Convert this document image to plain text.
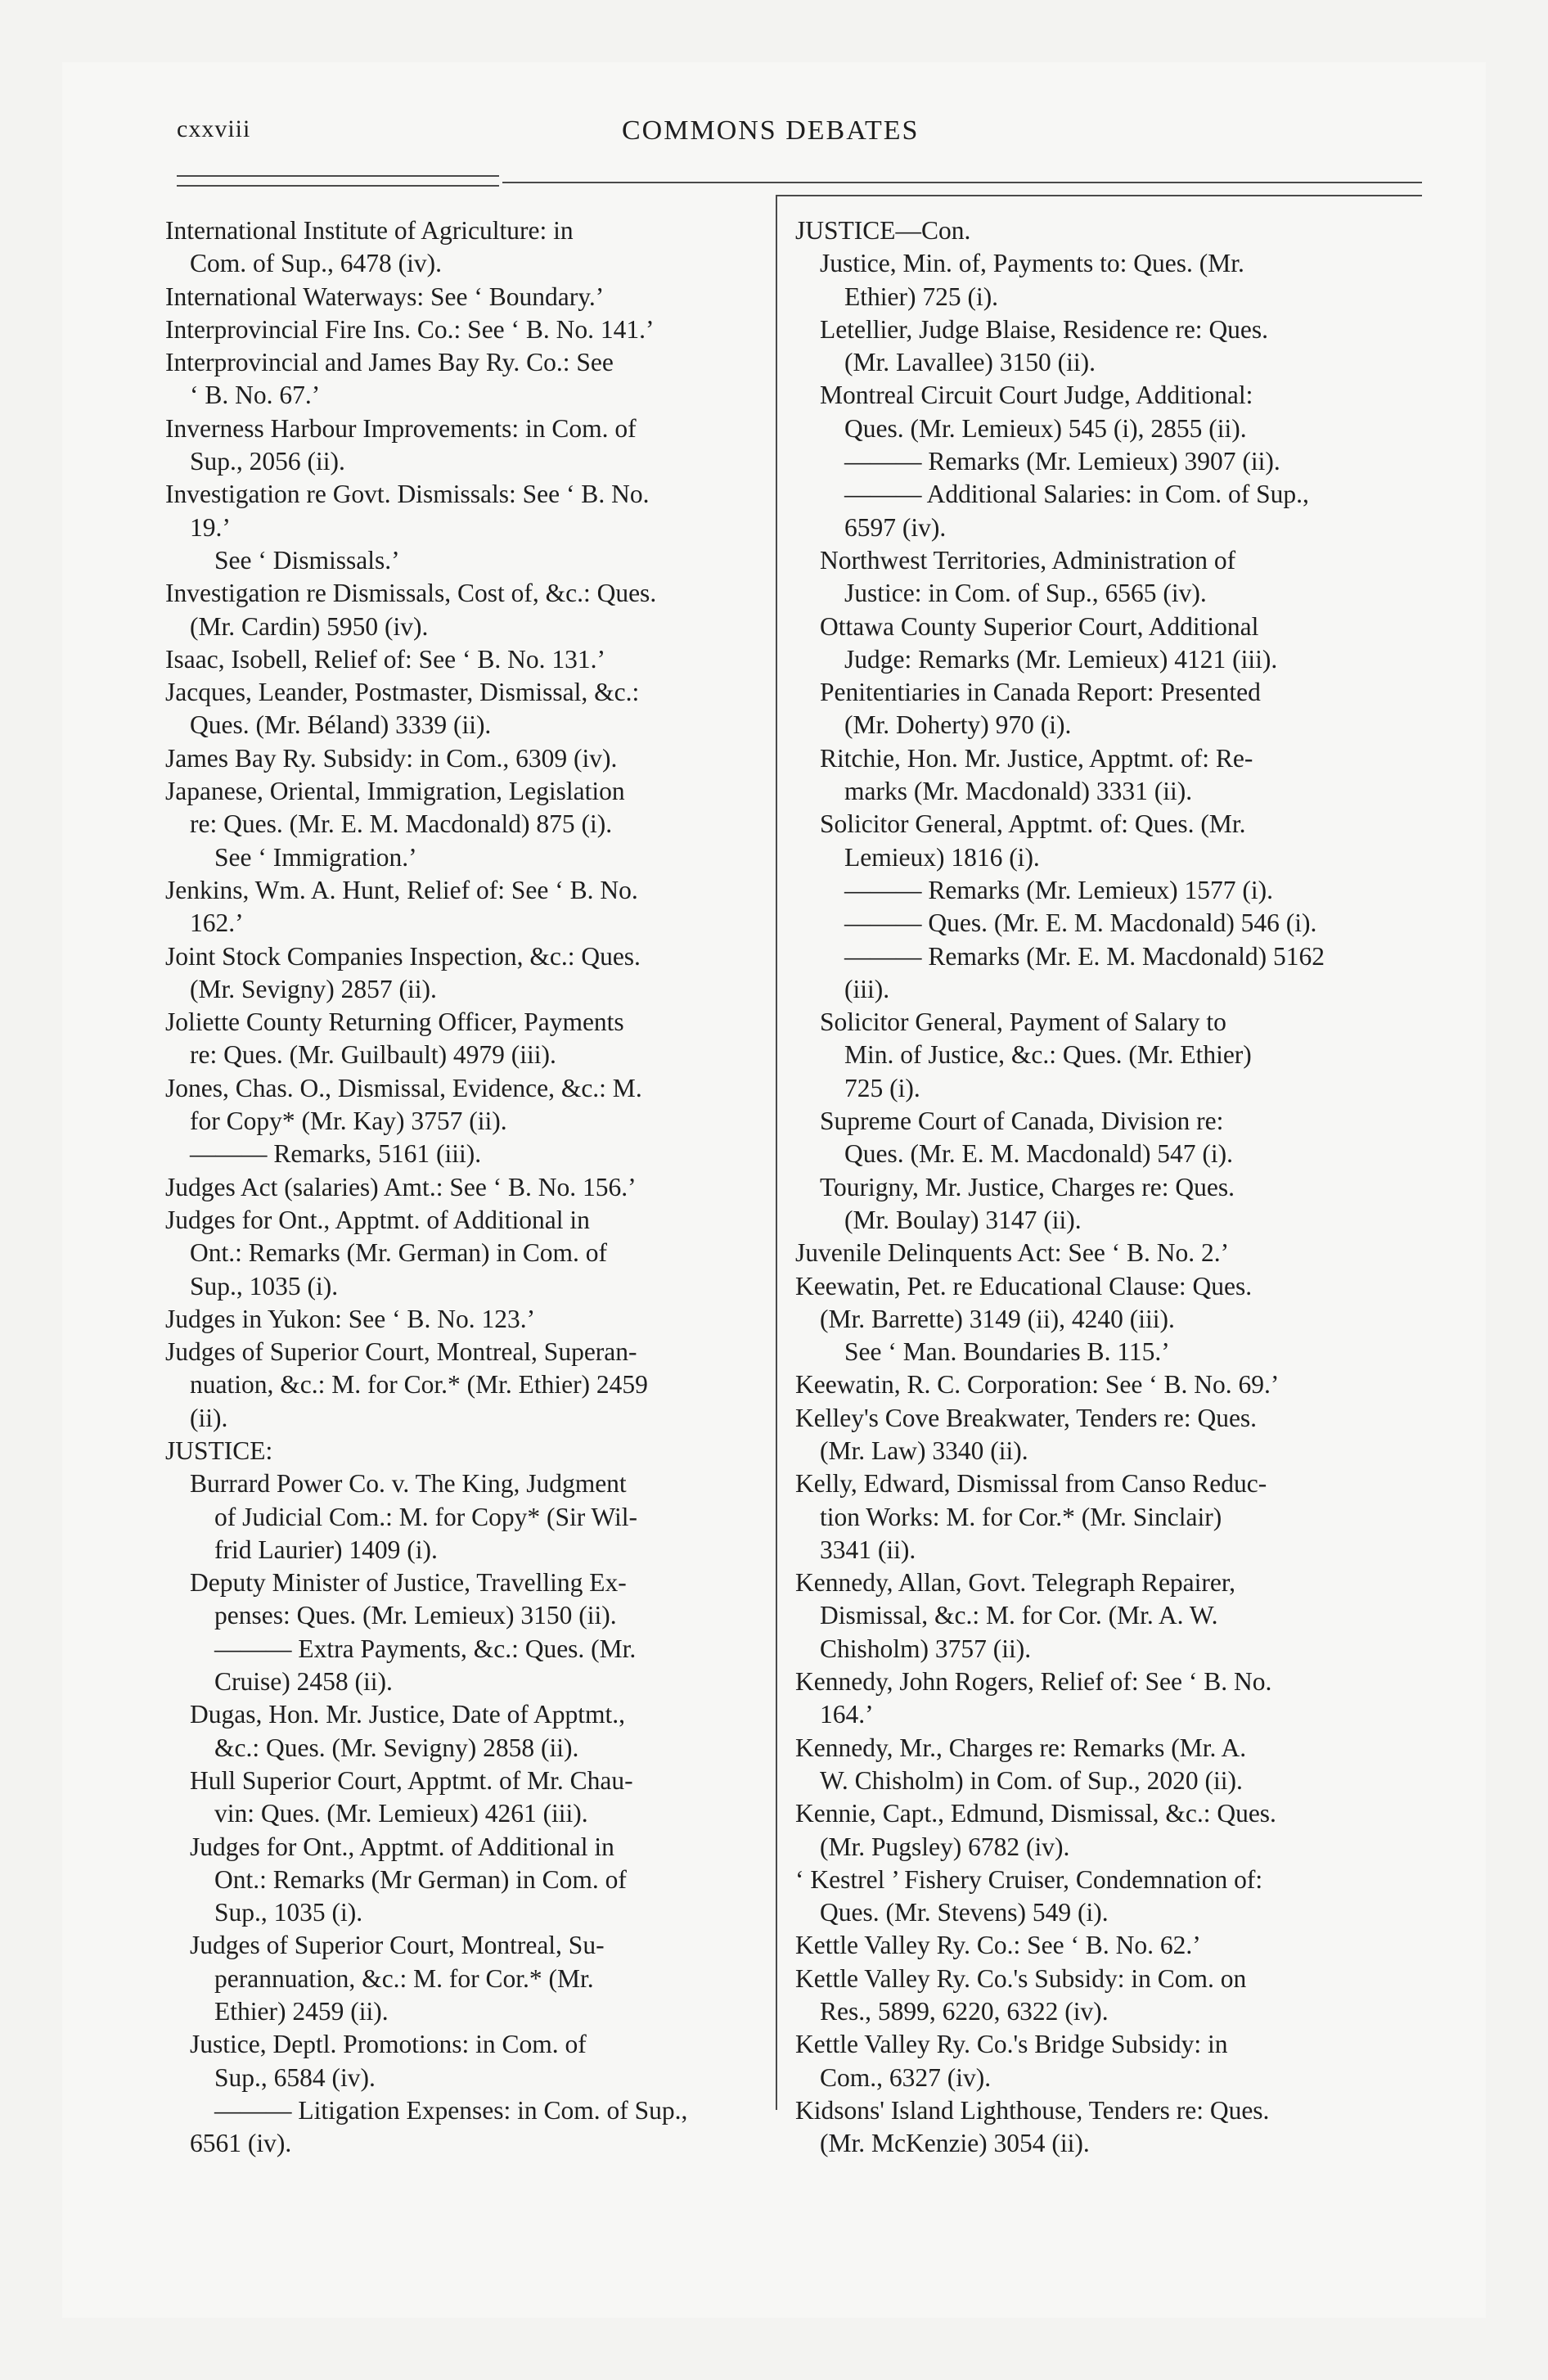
cxxviii	COMMONS DEBATES
International Institute of Agriculture: in
Com. of Sup., 6478 (iv).
International Waterways: See ‘ Boundary.’
Interprovincial Fire Ins. Co.: See ‘ B. No. 141.’
Interprovincial and James Bay Ry. Co.: See
‘ B. No. 67.’
Inverness Harbour Improvements: in Com. of
Sup., 2056 (ii).
Investigation re Govt. Dismissals: See ‘ B. No.
19.’
See ‘ Dismissals.’
Investigation re Dismissals, Cost of, &c.: Ques.
(Mr. Cardin) 5950 (iv).
Isaac, Isobell, Relief of: See ‘ B. No. 131.’
Jacques, Leander, Postmaster, Dismissal, &c.:
Ques. (Mr. Béland) 3339 (ii).
James Bay Ry. Subsidy: in Com., 6309 (iv).
Japanese, Oriental, Immigration, Legislation
re: Ques. (Mr. E. M. Macdonald) 875 (i).
See ‘ Immigration.’
Jenkins, Wm. A. Hunt, Relief of: See ‘ B. No.
162.’
Joint Stock Companies Inspection, &c.: Ques.
(Mr. Sevigny) 2857 (ii).
Joliette County Returning Officer, Payments
re: Ques. (Mr. Guilbault) 4979 (iii).
Jones, Chas. O., Dismissal, Evidence, &c.: M.
for Copy* (Mr. Kay) 3757 (ii).
——— Remarks, 5161 (iii).
Judges Act (salaries) Amt.: See ‘ B. No. 156.’
Judges for Ont., Apptmt. of Additional in
Ont.: Remarks (Mr. German) in Com. of
Sup., 1035 (i).
Judges in Yukon: See ‘ B. No. 123.’
Judges of Superior Court, Montreal, Superan-
nuation, &c.: M. for Cor.* (Mr. Ethier) 2459
(ii).
JUSTICE:
Burrard Power Co. v. The King, Judgment
of Judicial Com.: M. for Copy* (Sir Wil-
frid Laurier) 1409 (i).
Deputy Minister of Justice, Travelling Ex-
penses: Ques. (Mr. Lemieux) 3150 (ii).
——— Extra Payments, &c.: Ques. (Mr.
Cruise) 2458 (ii).
Dugas, Hon. Mr. Justice, Date of Apptmt.,
&c.: Ques. (Mr. Sevigny) 2858 (ii).
Hull Superior Court, Apptmt. of Mr. Chau-
vin: Ques. (Mr. Lemieux) 4261 (iii).
Judges for Ont., Apptmt. of Additional in
Ont.: Remarks (Mr German) in Com. of
Sup., 1035 (i).
Judges of Superior Court, Montreal, Su-
perannuation, &c.: M. for Cor.* (Mr.
Ethier) 2459 (ii).
Justice, Deptl. Promotions: in Com. of
Sup., 6584 (iv).
——— Litigation Expenses: in Com. of Sup.,
6561 (iv).
JUSTICE—Con.
Justice, Min. of, Payments to: Ques. (Mr.
Ethier) 725 (i).
Letellier, Judge Blaise, Residence re: Ques.
(Mr. Lavallee) 3150 (ii).
Montreal Circuit Court Judge, Additional:
Ques. (Mr. Lemieux) 545 (i), 2855 (ii).
——— Remarks (Mr. Lemieux) 3907 (ii).
——— Additional Salaries: in Com. of Sup.,
6597 (iv).
Northwest Territories, Administration of
Justice: in Com. of Sup., 6565 (iv).
Ottawa County Superior Court, Additional
Judge: Remarks (Mr. Lemieux) 4121 (iii).
Penitentiaries in Canada Report: Presented
(Mr. Doherty) 970 (i).
Ritchie, Hon. Mr. Justice, Apptmt. of: Re-
marks (Mr. Macdonald) 3331 (ii).
Solicitor General, Apptmt. of: Ques. (Mr.
Lemieux) 1816 (i).
——— Remarks (Mr. Lemieux) 1577 (i).
——— Ques. (Mr. E. M. Macdonald) 546 (i).
——— Remarks (Mr. E. M. Macdonald) 5162
(iii).
Solicitor General, Payment of Salary to
Min. of Justice, &c.: Ques. (Mr. Ethier)
725 (i).
Supreme Court of Canada, Division re:
Ques. (Mr. E. M. Macdonald) 547 (i).
Tourigny, Mr. Justice, Charges re: Ques.
(Mr. Boulay) 3147 (ii).
Juvenile Delinquents Act: See ‘ B. No. 2.’
Keewatin, Pet. re Educational Clause: Ques.
(Mr. Barrette) 3149 (ii), 4240 (iii).
See ‘ Man. Boundaries B. 115.’
Keewatin, R. C. Corporation: See ‘ B. No. 69.’
Kelley's Cove Breakwater, Tenders re: Ques.
(Mr. Law) 3340 (ii).
Kelly, Edward, Dismissal from Canso Reduc-
tion Works: M. for Cor.* (Mr. Sinclair)
3341 (ii).
Kennedy, Allan, Govt. Telegraph Repairer,
Dismissal, &c.: M. for Cor. (Mr. A. W.
Chisholm) 3757 (ii).
Kennedy, John Rogers, Relief of: See ‘ B. No.
164.’
Kennedy, Mr., Charges re: Remarks (Mr. A.
W. Chisholm) in Com. of Sup., 2020 (ii).
Kennie, Capt., Edmund, Dismissal, &c.: Ques.
(Mr. Pugsley) 6782 (iv).
‘ Kestrel ’ Fishery Cruiser, Condemnation of:
Ques. (Mr. Stevens) 549 (i).
Kettle Valley Ry. Co.: See ‘ B. No. 62.’
Kettle Valley Ry. Co.'s Subsidy: in Com. on
Res., 5899, 6220, 6322 (iv).
Kettle Valley Ry. Co.'s Bridge Subsidy: in
Com., 6327 (iv).
Kidsons' Island Lighthouse, Tenders re: Ques.
(Mr. McKenzie) 3054 (ii).
